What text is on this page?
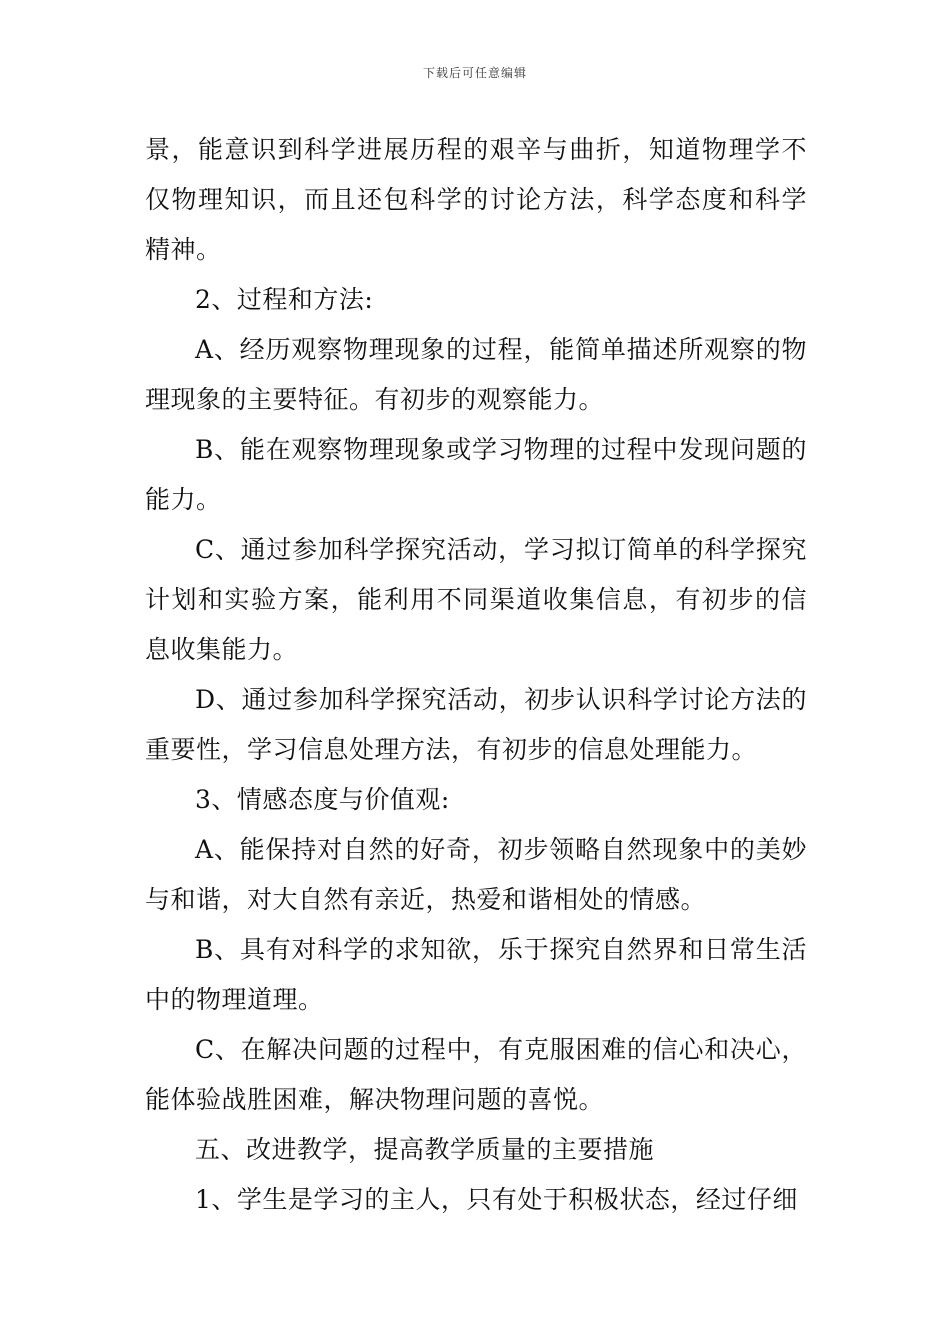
下载后可任意编辑

景，能意识到科学进展历程的艰辛与曲折，知道物理学不仅物理知识，而且还包科学的讨论方法，科学态度和科学精神。

2、过程和方法:

A、经历观察物理现象的过程，能简单描述所观察的物理现象的主要特征。有初步的观察能力。

B、能在观察物理现象或学习物理的过程中发现问题的能力。

C、通过参加科学探究活动，学习拟订简单的科学探究计划和实验方案，能利用不同渠道收集信息，有初步的信息收集能力。

D、通过参加科学探究活动，初步认识科学讨论方法的重要性，学习信息处理方法，有初步的信息处理能力。

3、情感态度与价值观:

A、能保持对自然的好奇，初步领略自然现象中的美妙与和谐，对大自然有亲近，热爱和谐相处的情感。

B、具有对科学的求知欲，乐于探究自然界和日常生活中的物理道理。

C、在解决问题的过程中，有克服困难的信心和决心，能体验战胜困难，解决物理问题的喜悦。

五、改进教学，提高教学质量的主要措施

1、学生是学习的主人，只有处于积极状态，经过仔细
